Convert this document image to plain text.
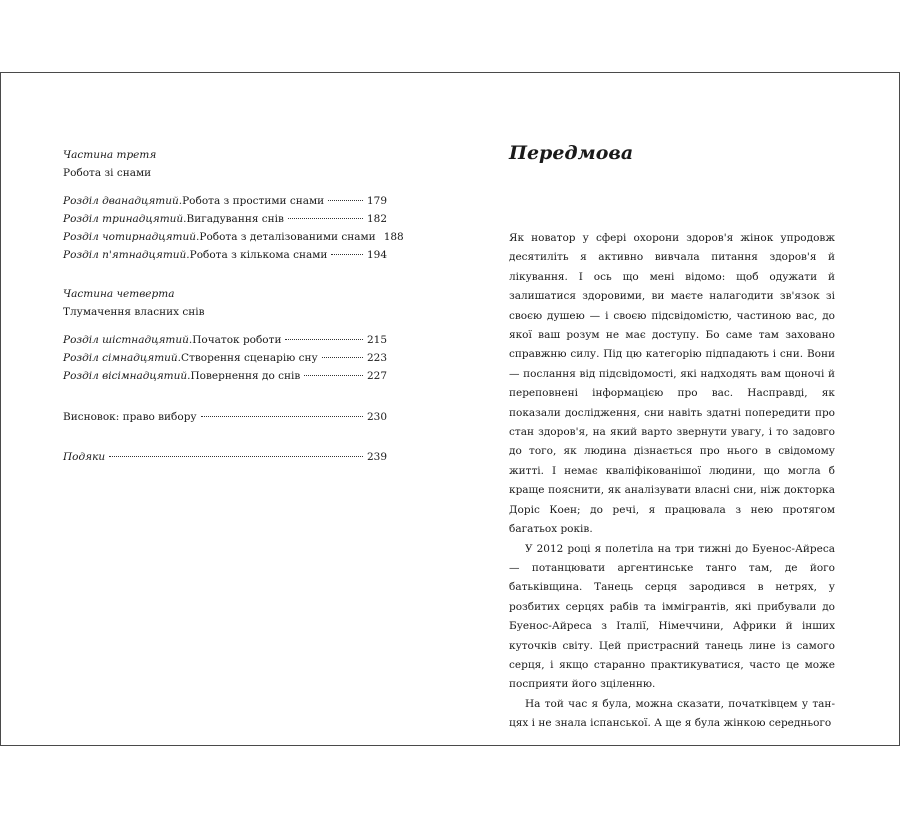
Частина третя
Робота зі снами
Розділ дванадцятий. Робота з простими снами	179
Розділ тринадцятий. Вигадування снів	182
Розділ чотирнадцятий. Робота з деталізованими снами 188
Розділ п'ятнадцятий. Робота з кількома снами	194
Частина четверта
Тлумачення власних снів
Розділ шістнадцятий. Початок роботи	215
Розділ сімнадцятий. Створення сценарію сну	223
Розділ вісімнадцятий. Повернення до снів	227
Висновок: право вибору	230
Подяки	239
Передмова

Як новатор у сфері охорони здоров'я жінок упродовж десятиліть я активно вивчала питання здоров'я й лікування. І ось що мені відомо: щоб одужати й залишатися здоровими, ви маєте налагодити зв'язок зі своєю душею — і своєю підсвідомістю, частиною вас, до якої ваш розум не має доступу. Бо саме там заховано справжню силу. Під цю категорію підпадають і сни. Вони — послання від підсвідомості, які надходять вам щоночі й переповнені інформацією про вас. Насправді, як показали дослідження, сни навіть здатні попередити про стан здоров'я, на який варто звернути увагу, і то задовго до того, як людина дізнається про нього в свідомому житті. І немає кваліфікованішої людини, що могла б краще пояснити, як аналізувати власні сни, ніж докторка Доріс Коен; до речі, я працювала з нею протягом багатьох років.

У 2012 році я полетіла на три тижні до Буенос-Айреса — потанцювати аргентинське танго там, де його батьківщина. Танець серця зародився в нетрях, у розбитих серцях рабів та іммігрантів, які прибували до Буенос-Айреса з Італії, Німеччини, Африки й інших куточків світу. Цей пристрасний танець лине із самого серця, і якщо старанно практикуватися, часто це може посприяти його зціленню.

На той час я була, можна сказати, початківцем у танцях і не знала іспанської. А ще я була жінкою середнього
